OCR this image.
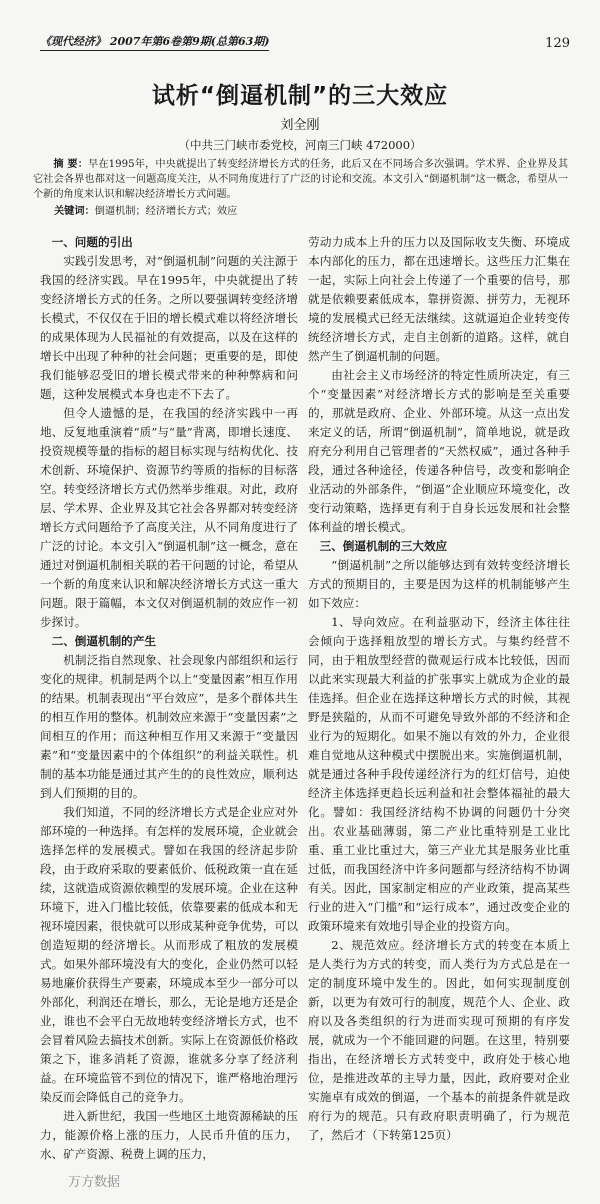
《现代经济》 2007年第6卷第9期(总第63期)	129
试析“倒逼机制”的三大效应
刘全刚
（中共三门峡市委党校，河南三门峡 472000）
摘 要：早在1995年，中央就提出了转变经济增长方式的任务，此后又在不同场合多次强调。学术界、企业界及其它社会各界也都对这一问题高度关注，从不同角度进行了广泛的讨论和交流。本文引入“倒逼机制”这一概念，希望从一个新的角度来认识和解决经济增长方式问题。
关键词：倒逼机制；经济增长方式；效应
一、问题的引出

实践引发思考，对“倒逼机制”问题的关注源于我国的经济实践。早在1995年，中央就提出了转变经济增长方式的任务。之所以要强调转变经济增长模式，不仅仅在于旧的增长模式难以将经济增长的成果体现为人民福祉的有效提高，以及在这样的增长中出现了种种的社会问题；更重要的是，即使我们能够忍受旧的增长模式带来的种种弊病和问题，这种发展模式本身也走不下去了。

但令人遗憾的是，在我国的经济实践中一再地、反复地重演着“质”与“量”背离，即增长速度、投资规模等量的指标的超目标实现与结构优化、技术创新、环境保护、资源节约等质的指标的目标落空。转变经济增长方式仍然举步维艰。对此，政府层、学术界、企业界及其它社会各界都对转变经济增长方式问题给予了高度关注，从不同角度进行了广泛的讨论。本文引入“倒逼机制”这一概念，意在通过对倒逼机制相关联的若干问题的讨论，希望从一个新的角度来认识和解决经济增长方式这一重大问题。限于篇幅，本文仅对倒逼机制的效应作一初步探讨。

二、倒逼机制的产生

机制泛指自然现象、社会现象内部组织和运行变化的规律。机制是两个以上“变量因素”相互作用的结果。机制表现出“平台效应”，是多个群体共生的相互作用的整体。机制效应来源于“变量因素”之间相互的作用；而这种相互作用又来源于“变量因素”和“变量因素中的个体组织”的利益关联性。机制的基本功能是通过其产生的的良性效应，顺利达到人们预期的目的。

我们知道，不同的经济增长方式是企业应对外部环境的一种选择。有怎样的发展环境，企业就会选择怎样的发展模式。譬如在我国的经济起步阶段，由于政府采取的要素低价、低税政策一直在延续，这就造成资源依赖型的发展环境。企业在这种环境下，进入门槛比较低，依靠要素的低成本和无视环境因素，很快就可以形成某种竞争优势，可以创造短期的经济增长。从而形成了粗放的发展模式。如果外部环境没有大的变化，企业仍然可以轻易地廉价获得生产要素，环境成本至少一部分可以外部化，利润还在增长，那么，无论是地方还是企业，谁也不会平白无故地转变经济增长方式，也不会冒着风险去搞技术创新。实际上在资源低价格政策之下，谁多消耗了资源，谁就多分享了经济利益。在环境监管不到位的情况下，谁严格地治理污染反而会降低自己的竞争力。

进入新世纪，我国一些地区土地资源稀缺的压力，能源价格上涨的压力，人民币升值的压力，水、矿产资源、税费上调的压力，

劳动力成本上升的压力以及国际收支失衡、环境成本内部化的压力，都在迅速增长。这些压力汇集在一起，实际上向社会上传递了一个重要的信号，那就是依赖要素低成本，靠拼资源、拼劳力，无视环境的发展模式已经无法继续。这就逼迫企业转变传统经济增长方式，走自主创新的道路。这样，就自然产生了倒逼机制的问题。

由社会主义市场经济的特定性质所决定，有三个“变量因素”对经济增长方式的影响是至关重要的，那就是政府、企业、外部环境。从这一点出发来定义的话，所谓“倒逼机制”，简单地说，就是政府充分利用自己管理者的“天然权威”，通过各种手段，通过各种途径，传递各种信号，改变和影响企业活动的外部条件，“倒逼”企业顺应环境变化，改变行动策略，选择更有利于自身长远发展和社会整体利益的增长模式。

三、倒逼机制的三大效应

“倒逼机制”之所以能够达到有效转变经济增长方式的预期目的，主要是因为这样的机制能够产生如下效应：

1、导向效应。在利益驱动下，经济主体往往会倾向于选择粗放型的增长方式。与集约经营不同，由于粗放型经营的微观运行成本比较低，因而以此来实现最大利益的扩张事实上就成为企业的最佳选择。但企业在选择这种增长方式的时候，其视野是狭隘的，从而不可避免导致外部的不经济和企业行为的短期化。如果不施以有效的外力，企业很难自觉地从这种模式中摆脱出来。实施倒逼机制，就是通过各种手段传递经济行为的红灯信号，迫使经济主体选择更趋长远利益和社会整体福祉的最大化。譬如：我国经济结构不协调的问题仍十分突出。农业基础薄弱，第二产业比重特别是工业比重、重工业比重过大，第三产业尤其是服务业比重过低，而我国经济中许多问题都与经济结构不协调有关。因此，国家制定相应的产业政策，提高某些行业的进入“门槛”和“运行成本”，通过改变企业的政策环境来有效地引导企业的投资方向。

2、规范效应。经济增长方式的转变在本质上是人类行为方式的转变，而人类行为方式总是在一定的制度环境中发生的。因此，如何实现制度创新，以更为有效可行的制度，规范个人、企业、政府以及各类组织的行为进而实现可预期的有序发展，就成为一个不能回避的问题。在这里，特别要指出，在经济增长方式转变中，政府处于核心地位，是推进改革的主导力量，因此，政府要对企业实施卓有成效的倒逼，一个基本的前提条件就是政府行为的规范。只有政府职责明确了，行为规范了，然后才（下转第125页）

万方数据
